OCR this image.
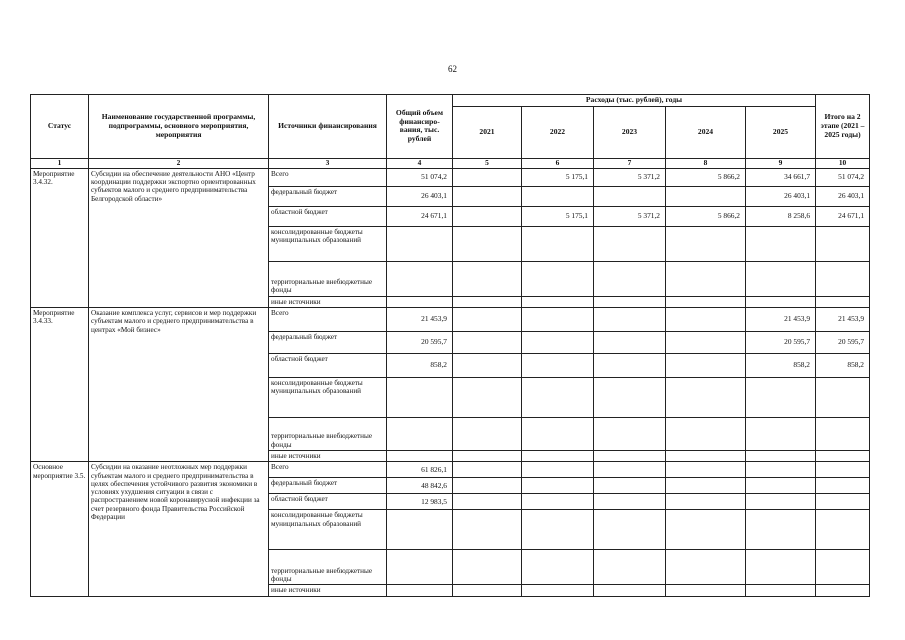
62
Статус	Наименование государственной программы, подпрограммы, основного мероприятия, мероприятия	Источники финансирования	Общий объем финансиро-вания, тыс. рублей	Расходы (тыс. рублей), годы					Итого на 2 этапе (2021 – 2025 годы)
				2021	2022	2023	2024	2025	
1	2	3	4	5	6	7	8	9	10
Мероприятие 3.4.32.	Субсидии на обеспечение деятельности АНО «Центр координации поддержки экспортно ориентированных субъектов малого и среднего предпринимательства Белгородской области»	Всего	51 074,2		5 175,1	5 371,2	5 866,2	34 661,7	51 074,2
		федеральный бюджет	26 403,1					26 403,1	26 403,1
		областной бюджет	24 671,1		5 175,1	5 371,2	5 866,2	8 258,6	24 671,1
		консолидированные бюджеты муниципальных образований							
		территориальные внебюджетные фонды							
		иные источники							
Мероприятие 3.4.33.	Оказание комплекса услуг, сервисов и мер поддержки субъектам малого и среднего предпринимательства в центрах «Мой бизнес»	Всего	21 453,9					21 453,9	21 453,9
		федеральный бюджет	20 595,7					20 595,7	20 595,7
		областной бюджет	858,2					858,2	858,2
		консолидированные бюджеты муниципальных образований							
		территориальные внебюджетные фонды							
		иные источники							
Основное мероприятие 3.5.	Субсидии на оказание неотложных мер поддержки субъектам малого и среднего предпринимательства в целях обеспечения устойчивого развития экономики в условиях ухудшения ситуации в связи с распространением новой коронавирусной инфекции за счет резервного фонда Правительства Российской Федерации	Всего	61 826,1						
		федеральный бюджет	48 842,6						
		областной бюджет	12 983,5						
		консолидированные бюджеты муниципальных образований							
		территориальные внебюджетные фонды							
		иные источники							
